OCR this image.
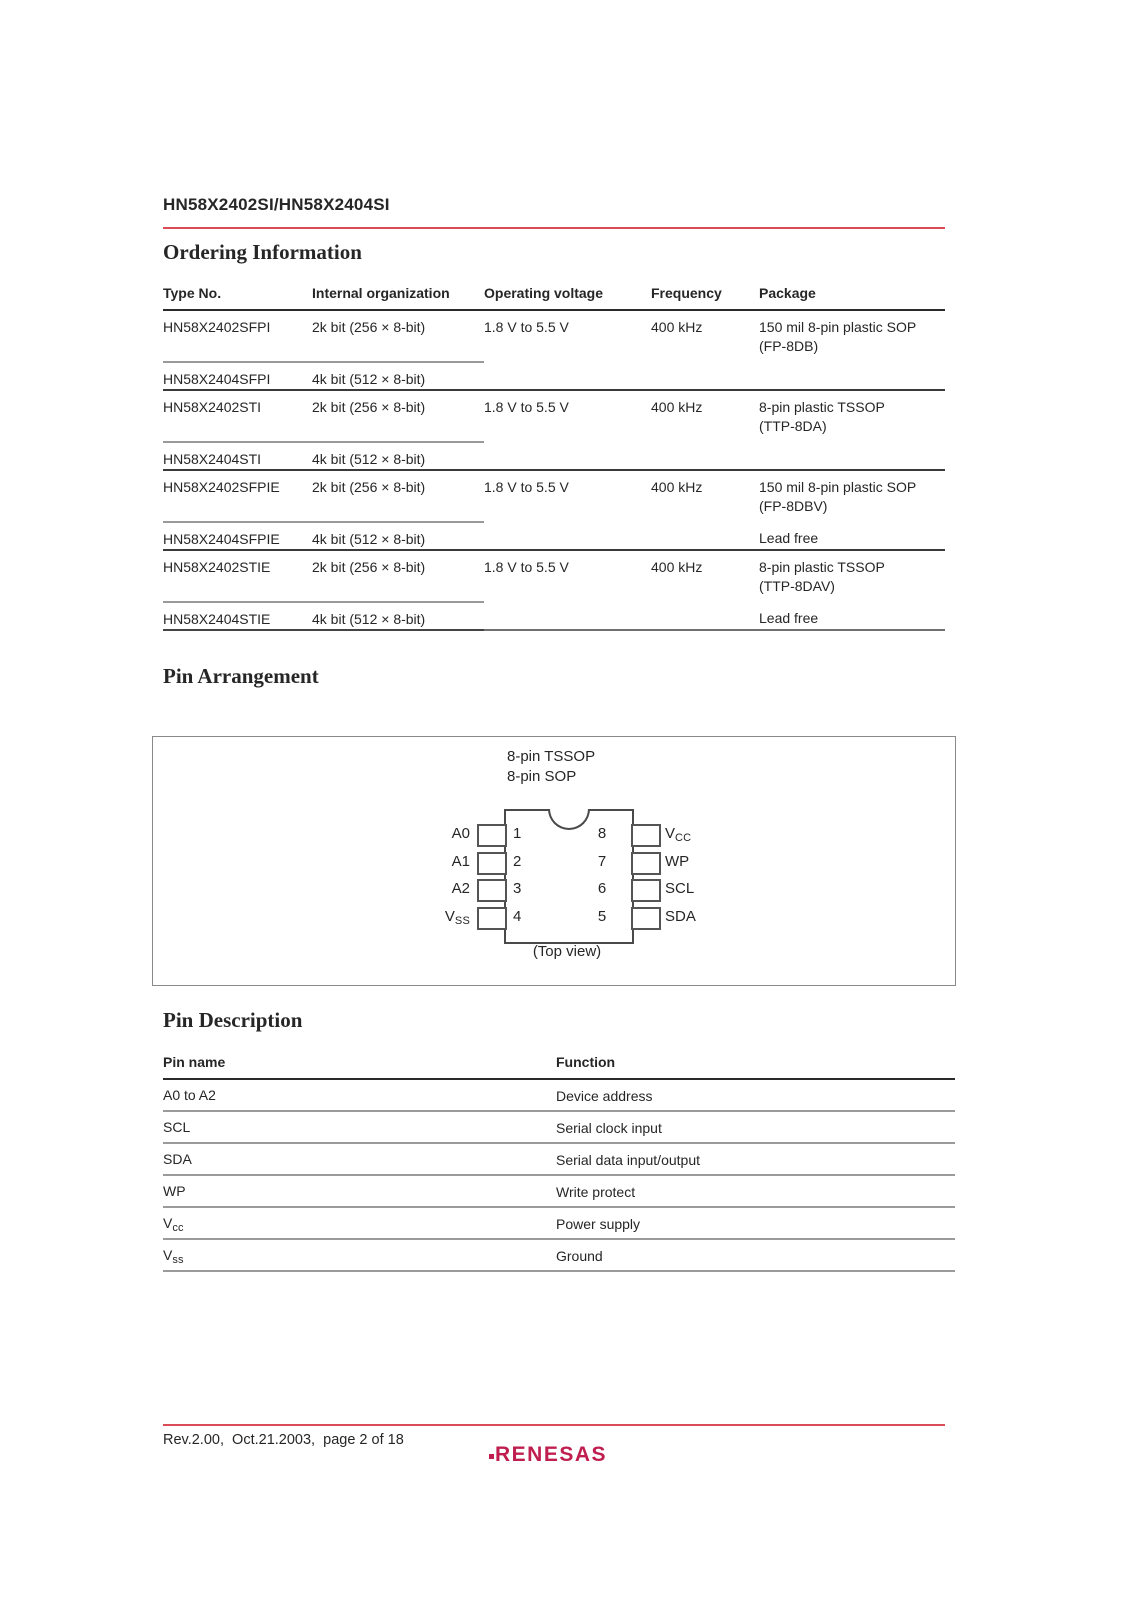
HN58X2402SI/HN58X2404SI
Ordering Information
Type No.	Internal organization	Operating voltage	Frequency	Package
HN58X2402SFPI	2k bit (256 × 8-bit)	1.8 V to 5.5 V	400 kHz	150 mil 8-pin plastic SOP
(FP-8DB)

HN58X2404SFPI	4k bit (512 × 8-bit)			

HN58X2402STI	2k bit (256 × 8-bit)	1.8 V to 5.5 V	400 kHz	8-pin plastic TSSOP
(TTP-8DA)

HN58X2404STI	4k bit (512 × 8-bit)			

HN58X2402SFPIE	2k bit (256 × 8-bit)	1.8 V to 5.5 V	400 kHz	150 mil 8-pin plastic SOP
(FP-8DBV)

HN58X2404SFPIE	4k bit (512 × 8-bit)			Lead free

HN58X2402STIE	2k bit (256 × 8-bit)	1.8 V to 5.5 V	400 kHz	8-pin plastic TSSOP
(TTP-8DAV)

HN58X2404STIE	4k bit (512 × 8-bit)			Lead free
Pin Arrangement
8-pin TSSOP
8-pin SOP
A0
A1
A2
$V_{SS}$
1
2
3
4
8
7
6
5
$V_{CC}$
WP
SCL
SDA
(Top view)
Pin Description
Pin name	Function
A0 to A2	Device address
SCL	Serial clock input
SDA	Serial data input/output
WP	Write protect
$V_{cc}$	Power supply
$V_{ss}$	Ground
Rev.2.00,  Oct.21.2003,  page 2 of 18
RENESAS
